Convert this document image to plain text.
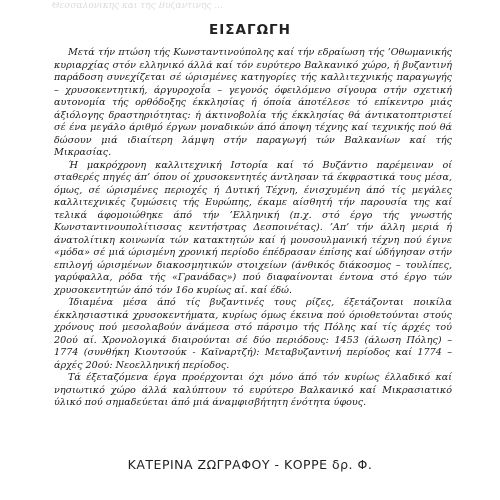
Θεσσαλονίκης καί τής Βυζαντινής ...
ΕΙΣΑΓΩΓΗ

Μετά τήν πτώση τής Κωνσταντινούπολης καί τήν εδραίωση τής ’Οθωμανικής κυριαρχίας στόν ελληνικό άλλά καί τόν ευρύτερο Βαλκανικό χώρο, ή βυζαντινή παράδοση συνεχίζεται σέ ώρισμένες κατηγορίες τής καλλιτεχνικής παραγωγής – χρυσοκεντητική, άργυροχοΐα – γεγονός όφειλόμενο σίγουρα στήν σχετική αυτονομία τής ορθόδοξης έκκλησίας ή όποία άποτέλεσε τό επίκεντρο μιάς άξιόλογης δραστηριότητας: ή άκτινοβολία τής έκκλησίας θά άντικατοπτριστεί σέ ένα μεγάλο άριθμό έργων μοναδικών άπό άποψη τέχνης καί τεχνικής πού θά δώσουν μιά ιδιαίτερη λάμψη στήν παραγωγή τών Βαλκανίων καί τής Μικρασίας.

Ή μακρόχρονη καλλιτεχνική Ιστορία καί τό Βυζάντιο παρέμειναν οί σταθερές πηγές άπ’ όπου οί χρυσοκεντητές άντλησαν τά έκφραστικά τους μέσα, όμως, σέ ώρισμένες περιοχές ή Δυτική Τέχνη, ένισχυμένη άπό τίς μεγάλες καλλιτεχνικές ζυμώσεις τής Ευρώπης, έκαμε αίσθητή τήν παρουσία της καί τελικά άφομοιώθηκε άπό τήν ’Ελληνική (π.χ. στό έργο τής γνωστής Κωνσταντινουπολίτισσας κεντήστρας Δεσποινέτας). ’Απ’ τήν άλλη μεριά ή άνατολίτικη κοινωνία τών κατακτητών καί ή μουσουλμανική τέχνη πού έγινε «μόδα» σέ μιά ώρισμένη χρονική περίοδο έπέδρασαν έπίσης καί ώδήγησαν στήν επιλογή ώρισμένων διακοσμητικών στοιχείων (άνθικός διάκοσμος – τουλίπες, γαρύφαλλα, ρόδα τής «Γρανάδας») πού διαφαίνονται έντονα στό έργο τών χρυσοκεντητών άπό τόν 16ο κυρίως αί. καί έδώ.

Ίδιαμένα μέσα άπό τίς βυζαντινές τους ρίζες, έξετάζονται ποικίλα έκκλησιαστικά χρυσοκεντήματα, κυρίως όμως έκεινα πού όριοθετούνται στούς χρόνους πού μεσολαβούν άνάμεσα στό πάρσιμο τής Πόλης καί τίς άρχές τού 20ού αί. Χρονολογικά διαιρούνται σέ δύο περιόδους: 1453 (άλωση Πόλης) – 1774 (συνθήκη Κιουτσούκ - Καϊναρτζή): Μεταβυζαντινή περίοδος καί 1774 – άρχές 20ού: Νεοελληνική περίοδος.

Τά έξεταζόμενα έργα προέρχονται όχι μόνο άπό τόν κυρίως έλλαδικό καί νησιωτικό χώρο άλλά καλύπτουν τό ευρύτερο Βαλκανικό καί Μικρασιατικό ύλικό πού σημαδεύεται άπό μιά άναμφισβήτητη ένότητα ύφους.

ΚΑΤΕΡΙΝΑ ΖΩΓΡΑΦΟΥ - ΚΟΡΡΕ δρ. Φ.
